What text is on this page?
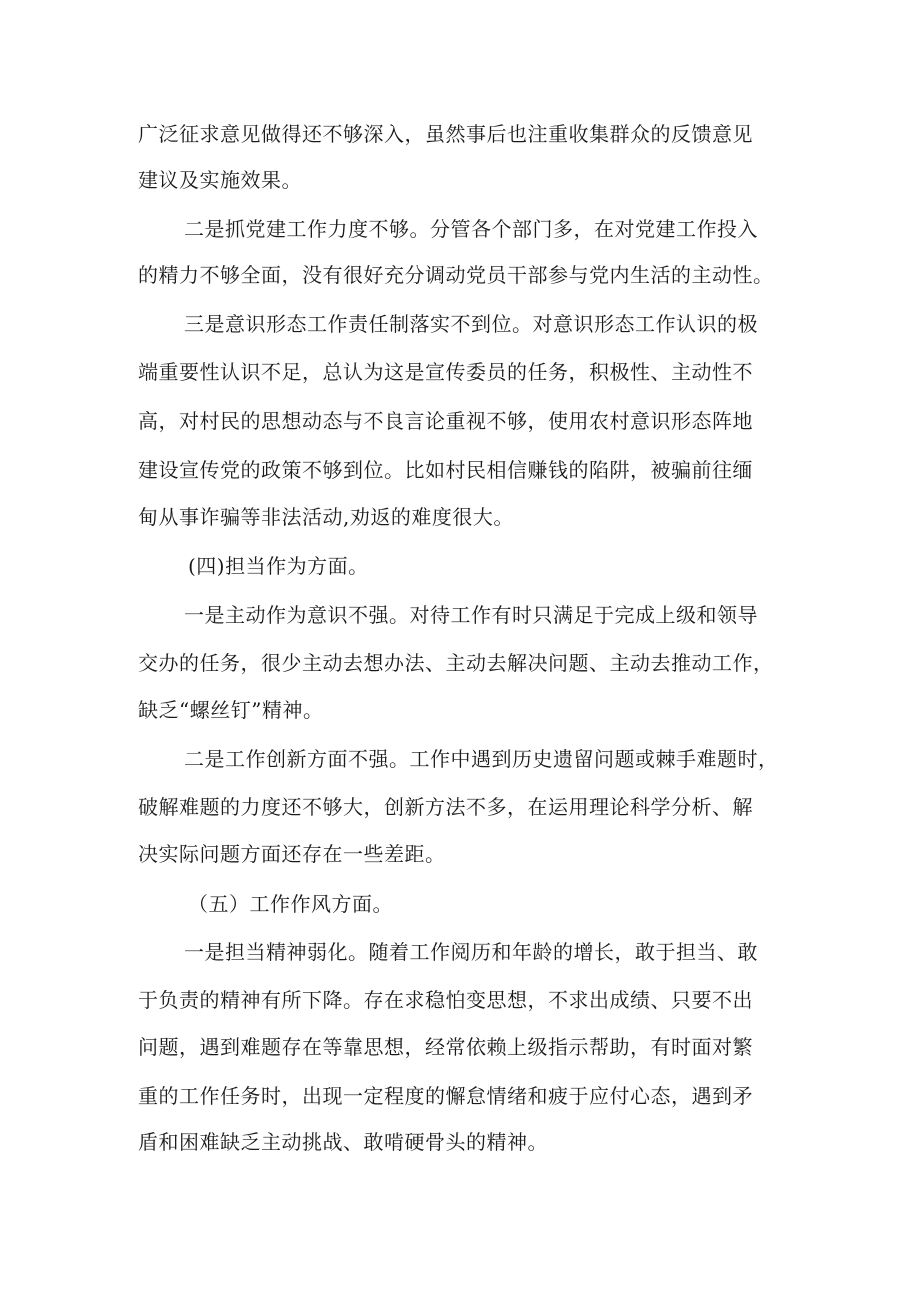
广泛征求意见做得还不够深入，虽然事后也注重收集群众的反馈意见
建议及实施效果。
二是抓党建工作力度不够。分管各个部门多，在对党建工作投入
的精力不够全面，没有很好充分调动党员干部参与党内生活的主动性。
三是意识形态工作责任制落实不到位。对意识形态工作认识的极
端重要性认识不足，总认为这是宣传委员的任务，积极性、主动性不
高，对村民的思想动态与不良言论重视不够，使用农村意识形态阵地
建设宣传党的政策不够到位。比如村民相信赚钱的陷阱，被骗前往缅
甸从事诈骗等非法活动,劝返的难度很大。
(四)担当作为方面。
一是主动作为意识不强。对待工作有时只满足于完成上级和领导
交办的任务，很少主动去想办法、主动去解决问题、主动去推动工作，
缺乏“螺丝钉”精神。
二是工作创新方面不强。工作中遇到历史遗留问题或棘手难题时，
破解难题的力度还不够大，创新方法不多，在运用理论科学分析、解
决实际问题方面还存在一些差距。
（五）工作作风方面。
一是担当精神弱化。随着工作阅历和年龄的增长，敢于担当、敢
于负责的精神有所下降。存在求稳怕变思想，不求出成绩、只要不出
问题，遇到难题存在等靠思想，经常依赖上级指示帮助，有时面对繁
重的工作任务时，出现一定程度的懈怠情绪和疲于应付心态，遇到矛
盾和困难缺乏主动挑战、敢啃硬骨头的精神。
